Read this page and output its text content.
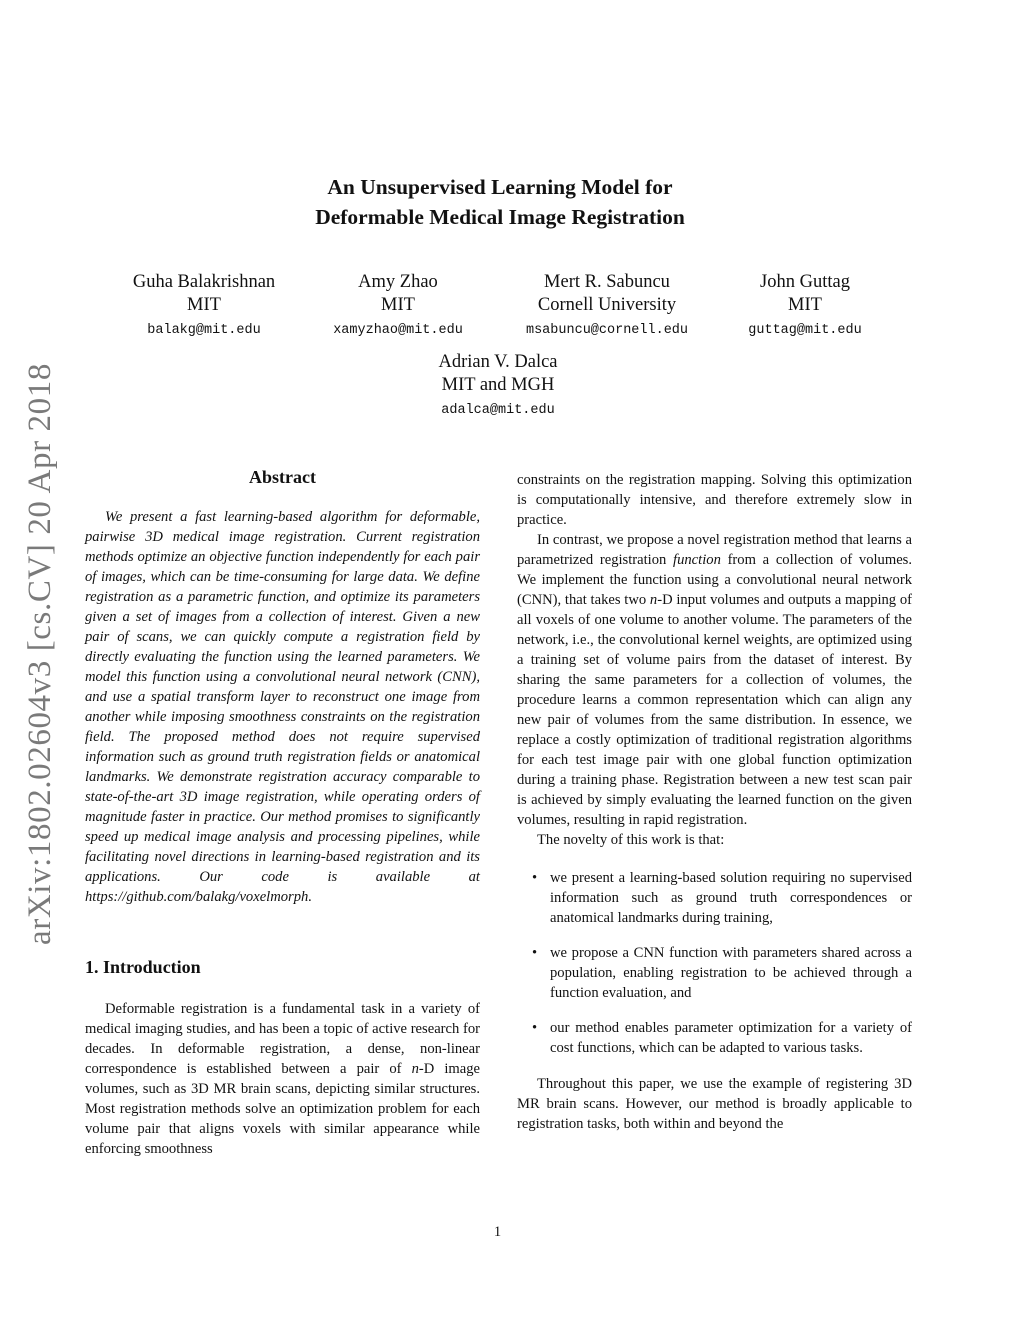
arXiv:1802.02604v3 [cs.CV] 20 Apr 2018
An Unsupervised Learning Model for
Deformable Medical Image Registration
Guha Balakrishnan
MIT
balakg@mit.edu
Amy Zhao
MIT
xamyzhao@mit.edu
Mert R. Sabuncu
Cornell University
msabuncu@cornell.edu
John Guttag
MIT
guttag@mit.edu
Adrian V. Dalca
MIT and MGH
adalca@mit.edu
Abstract

We present a fast learning-based algorithm for deformable, pairwise 3D medical image registration. Current registration methods optimize an objective function independently for each pair of images, which can be time-consuming for large data. We define registration as a parametric function, and optimize its parameters given a set of images from a collection of interest. Given a new pair of scans, we can quickly compute a registration field by directly evaluating the function using the learned parameters. We model this function using a convolutional neural network (CNN), and use a spatial transform layer to reconstruct one image from another while imposing smoothness constraints on the registration field. The proposed method does not require supervised information such as ground truth registration fields or anatomical landmarks. We demonstrate registration accuracy comparable to state-of-the-art 3D image registration, while operating orders of magnitude faster in practice. Our method promises to significantly speed up medical image analysis and processing pipelines, while facilitating novel directions in learning-based registration and its applications. Our code is available at https://github.com/balakg/voxelmorph.

1. Introduction

Deformable registration is a fundamental task in a variety of medical imaging studies, and has been a topic of active research for decades. In deformable registration, a dense, non-linear correspondence is established between a pair of n-D image volumes, such as 3D MR brain scans, depicting similar structures. Most registration methods solve an optimization problem for each volume pair that aligns voxels with similar appearance while enforcing smoothness

constraints on the registration mapping. Solving this optimization is computationally intensive, and therefore extremely slow in practice.

In contrast, we propose a novel registration method that learns a parametrized registration function from a collection of volumes. We implement the function using a convolutional neural network (CNN), that takes two n-D input volumes and outputs a mapping of all voxels of one volume to another volume. The parameters of the network, i.e., the convolutional kernel weights, are optimized using a training set of volume pairs from the dataset of interest. By sharing the same parameters for a collection of volumes, the procedure learns a common representation which can align any new pair of volumes from the same distribution. In essence, we replace a costly optimization of traditional registration algorithms for each test image pair with one global function optimization during a training phase. Registration between a new test scan pair is achieved by simply evaluating the learned function on the given volumes, resulting in rapid registration.

The novelty of this work is that:

• we present a learning-based solution requiring no supervised information such as ground truth correspondences or anatomical landmarks during training,
• we propose a CNN function with parameters shared across a population, enabling registration to be achieved through a function evaluation, and
• our method enables parameter optimization for a variety of cost functions, which can be adapted to various tasks.

Throughout this paper, we use the example of registering 3D MR brain scans. However, our method is broadly applicable to registration tasks, both within and beyond the

1
